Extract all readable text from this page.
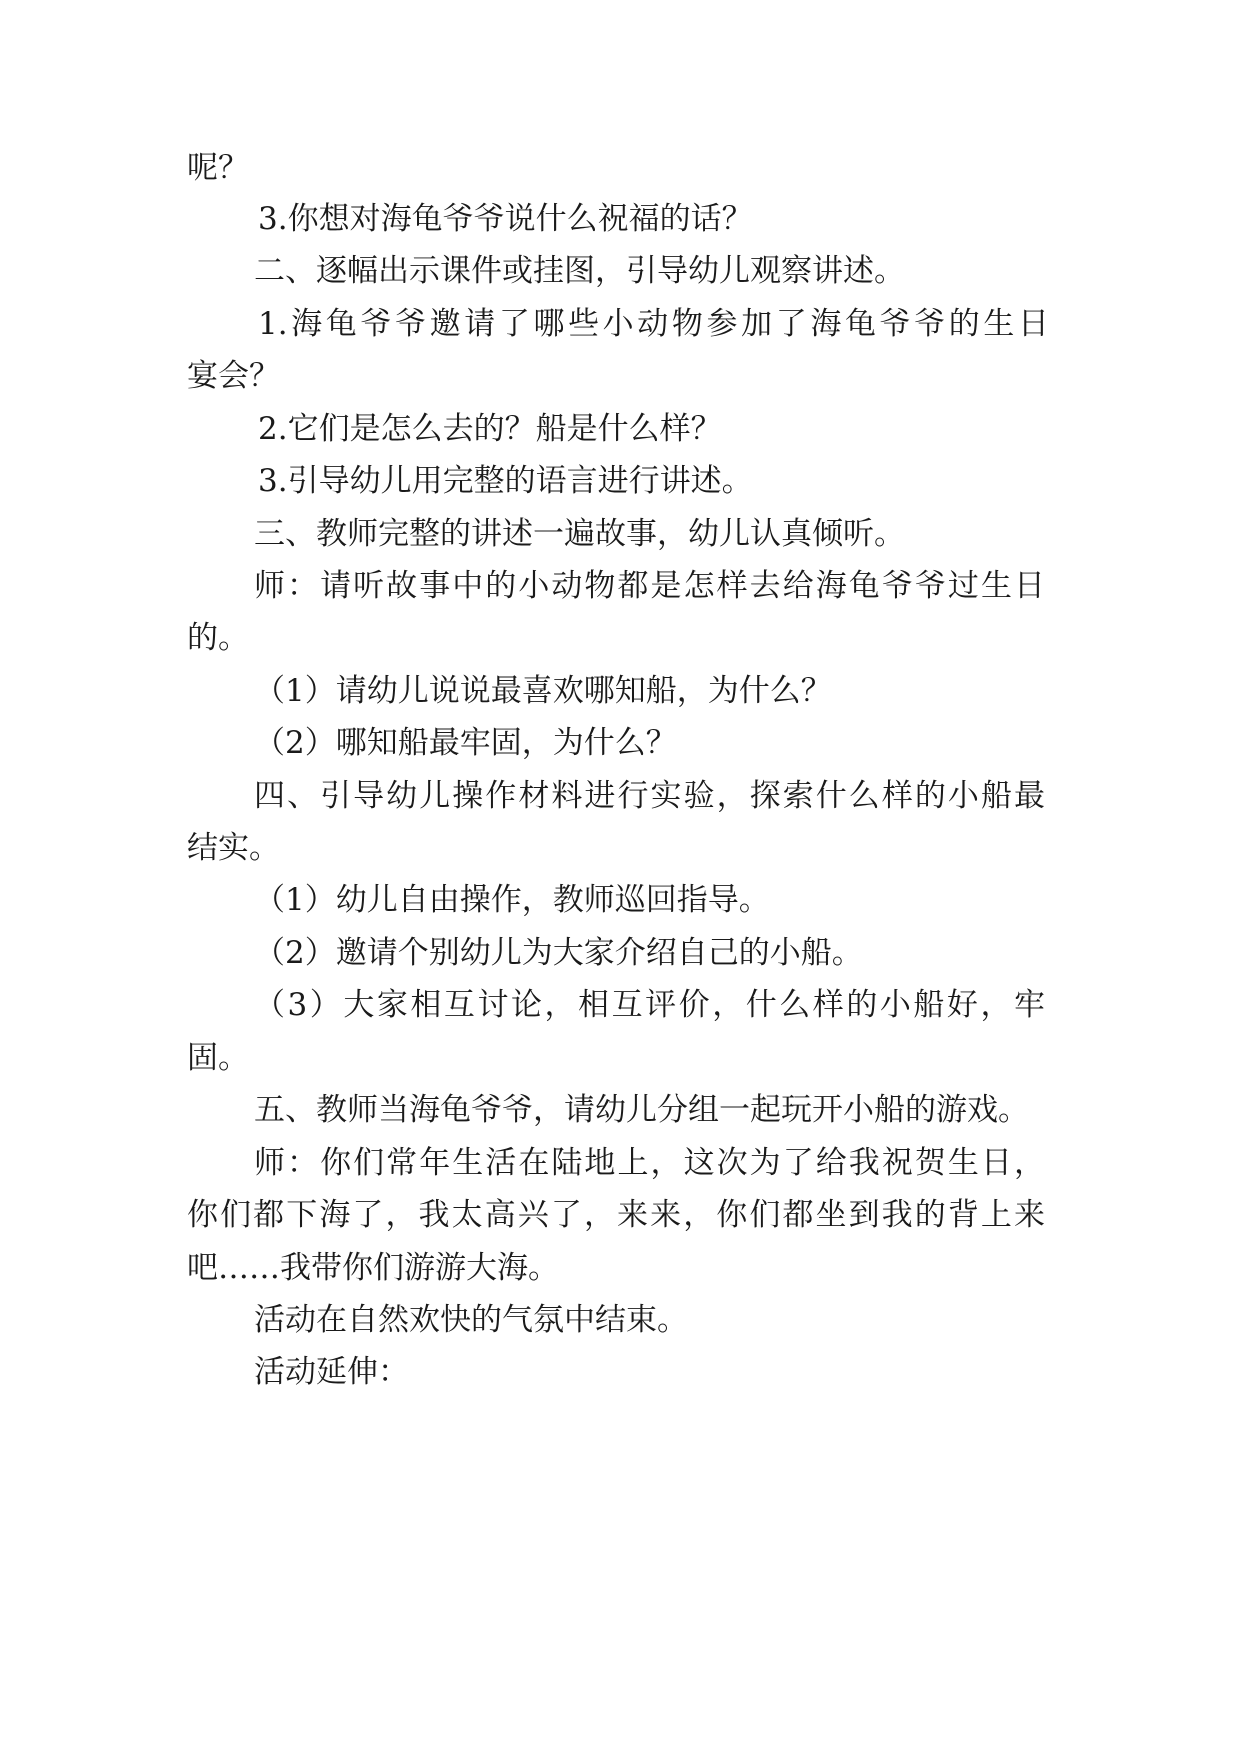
呢？

3.你想对海龟爷爷说什么祝福的话？

二、逐幅出示课件或挂图，引导幼儿观察讲述。

1.海龟爷爷邀请了哪些小动物参加了海龟爷爷的生日

宴会？

2.它们是怎么去的？船是什么样？

3.引导幼儿用完整的语言进行讲述。

三、教师完整的讲述一遍故事，幼儿认真倾听。

师：请听故事中的小动物都是怎样去给海龟爷爷过生日

的。

（1）请幼儿说说最喜欢哪知船，为什么？

（2）哪知船最牢固，为什么？

四、引导幼儿操作材料进行实验，探索什么样的小船最

结实。

（1）幼儿自由操作，教师巡回指导。

（2）邀请个别幼儿为大家介绍自己的小船。

（3）大家相互讨论，相互评价，什么样的小船好，牢

固。

五、教师当海龟爷爷，请幼儿分组一起玩开小船的游戏。

师：你们常年生活在陆地上，这次为了给我祝贺生日，

你们都下海了，我太高兴了，来来，你们都坐到我的背上来

吧……我带你们游游大海。

活动在自然欢快的气氛中结束。

活动延伸：
